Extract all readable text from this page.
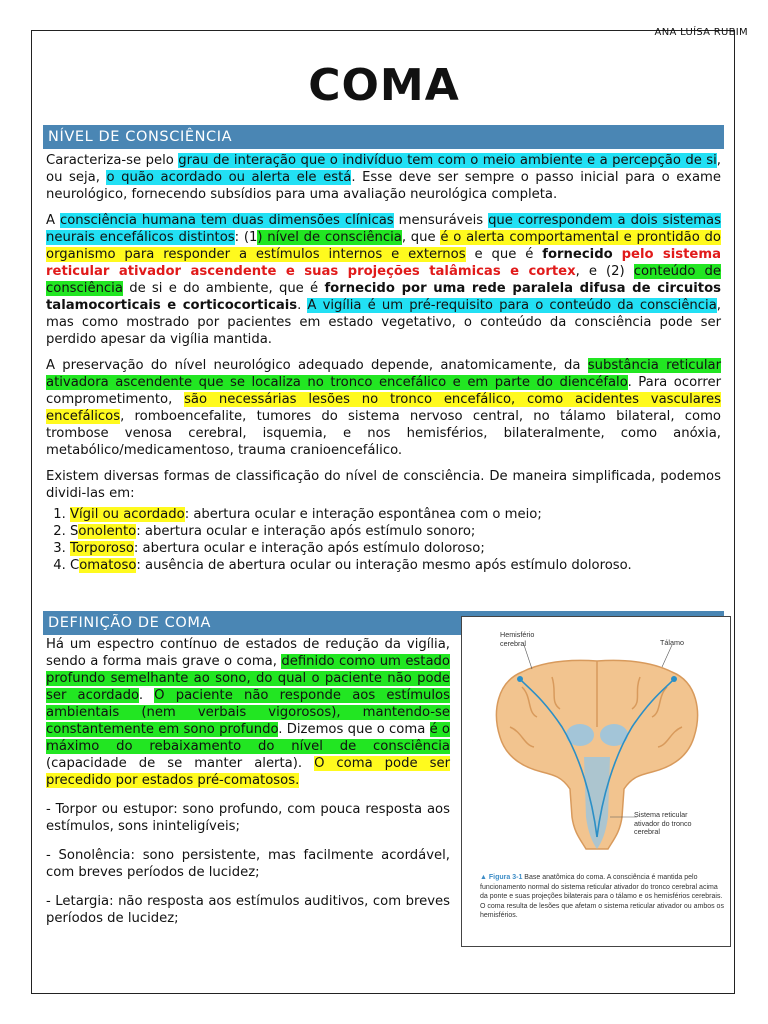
ANA LUÍSA RUBIM
COMA
NÍVEL DE CONSCIÊNCIA

Caracteriza-se pelo grau de interação que o indivíduo tem com o meio ambiente e a percepção de si, ou seja, o quão acordado ou alerta ele está. Esse deve ser sempre o passo inicial para o exame neurológico, fornecendo subsídios para uma avaliação neurológica completa.

A consciência humana tem duas dimensões clínicas mensuráveis que correspondem a dois sistemas neurais encefálicos distintos: (1) nível de consciência, que é o alerta comportamental e prontidão do organismo para responder a estímulos internos e externos e que é fornecido pelo sistema reticular ativador ascendente e suas projeções talâmicas e cortex, e (2) conteúdo de consciência de si e do ambiente, que é fornecido por uma rede paralela difusa de circuitos talamocorticais e corticocorticais. A vigília é um pré-requisito para o conteúdo da consciência, mas como mostrado por pacientes em estado vegetativo, o conteúdo da consciência pode ser perdido apesar da vigília mantida.

A preservação do nível neurológico adequado depende, anatomicamente, da substância reticular ativadora ascendente que se localiza no tronco encefálico e em parte do diencéfalo. Para ocorrer comprometimento, são necessárias lesões no tronco encefálico, como acidentes vasculares encefálicos, romboencefalite, tumores do sistema nervoso central, no tálamo bilateral, como trombose venosa cerebral, isquemia, e nos hemisférios, bilateralmente, como anóxia, metabólico/medicamentoso, trauma cranioencefálico.

Existem diversas formas de classificação do nível de consciência. De maneira simplificada, podemos dividi-las em:

1. Vígil ou acordado: abertura ocular e interação espontânea com o meio;
2. Sonolento: abertura ocular e interação após estímulo sonoro;
3. Torporoso: abertura ocular e interação após estímulo doloroso;
4. Comatoso: ausência de abertura ocular ou interação mesmo após estímulo doloroso.
DEFINIÇÃO DE COMA

Há um espectro contínuo de estados de redução da vigília, sendo a forma mais grave o coma, definido como um estado profundo semelhante ao sono, do qual o paciente não pode ser acordado. O paciente não responde aos estímulos ambientais (nem verbais vigorosos), mantendo-se constantemente em sono profundo. Dizemos que o coma é o máximo do rebaixamento do nível de consciência (capacidade de se manter alerta). O coma pode ser precedido por estados pré-comatosos.

- Torpor ou estupor: sono profundo, com pouca resposta aos estímulos, sons ininteligíveis;

- Sonolência: sono persistente, mas facilmente acordável, com breves períodos de lucidez;

- Letargia: não resposta aos estímulos auditivos, com breves períodos de lucidez;

Hemisfério
cerebral	Tálamo
Sistema reticular
ativador do tronco
cerebral
▲ Figura 3-1 Base anatômica do coma. A consciência é mantida pelo funcionamento normal do sistema reticular ativador do tronco cerebral acima da ponte e suas projeções bilaterais para o tálamo e os hemisférios cerebrais. O coma resulta de lesões que afetam o sistema reticular ativador ou ambos os hemisférios.
